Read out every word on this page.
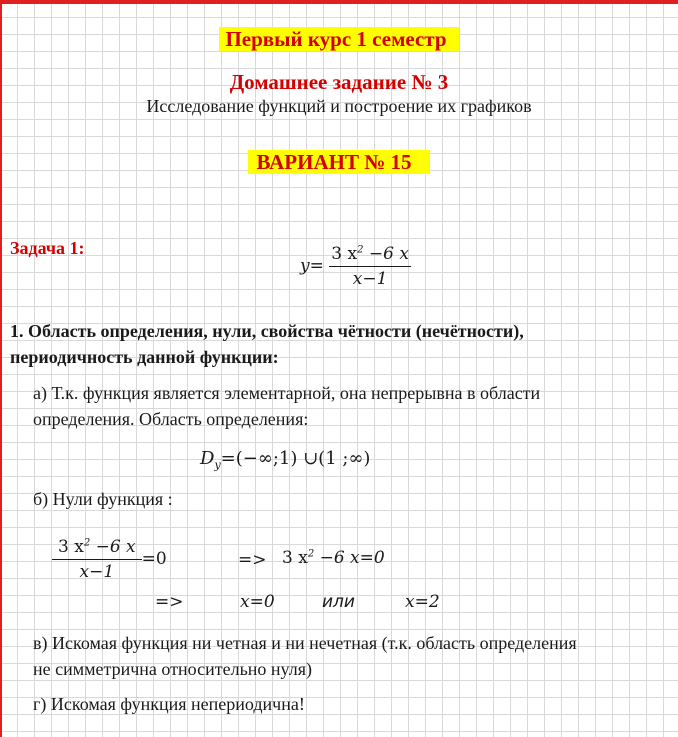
Первый курс 1 семестр
Домашнее задание № 3
Исследование функций и построение их графиков
ВАРИАНТ № 15
Задача 1:
$y= \frac{3 x^2 -6 x}{x-1}$
1. Область определения, нули, свойства чётности (нечётности),
периодичность данной функции:
а) Т.к. функция является элементарной, она непрерывна в области
определения. Область определения:
$D_y=(-\infty;1)$ ∪(1 ;∞)
б) Нули функция :
$\frac{3 x^2 -6 x}{x-1} =0$	=> 3 $x^2 -6$ x=0
=>	x=0	или	x=2
в) Искомая функция ни четная и ни нечетная (т.к. область определения
не симметрична относительно нуля)
г) Искомая функция непериодична!
